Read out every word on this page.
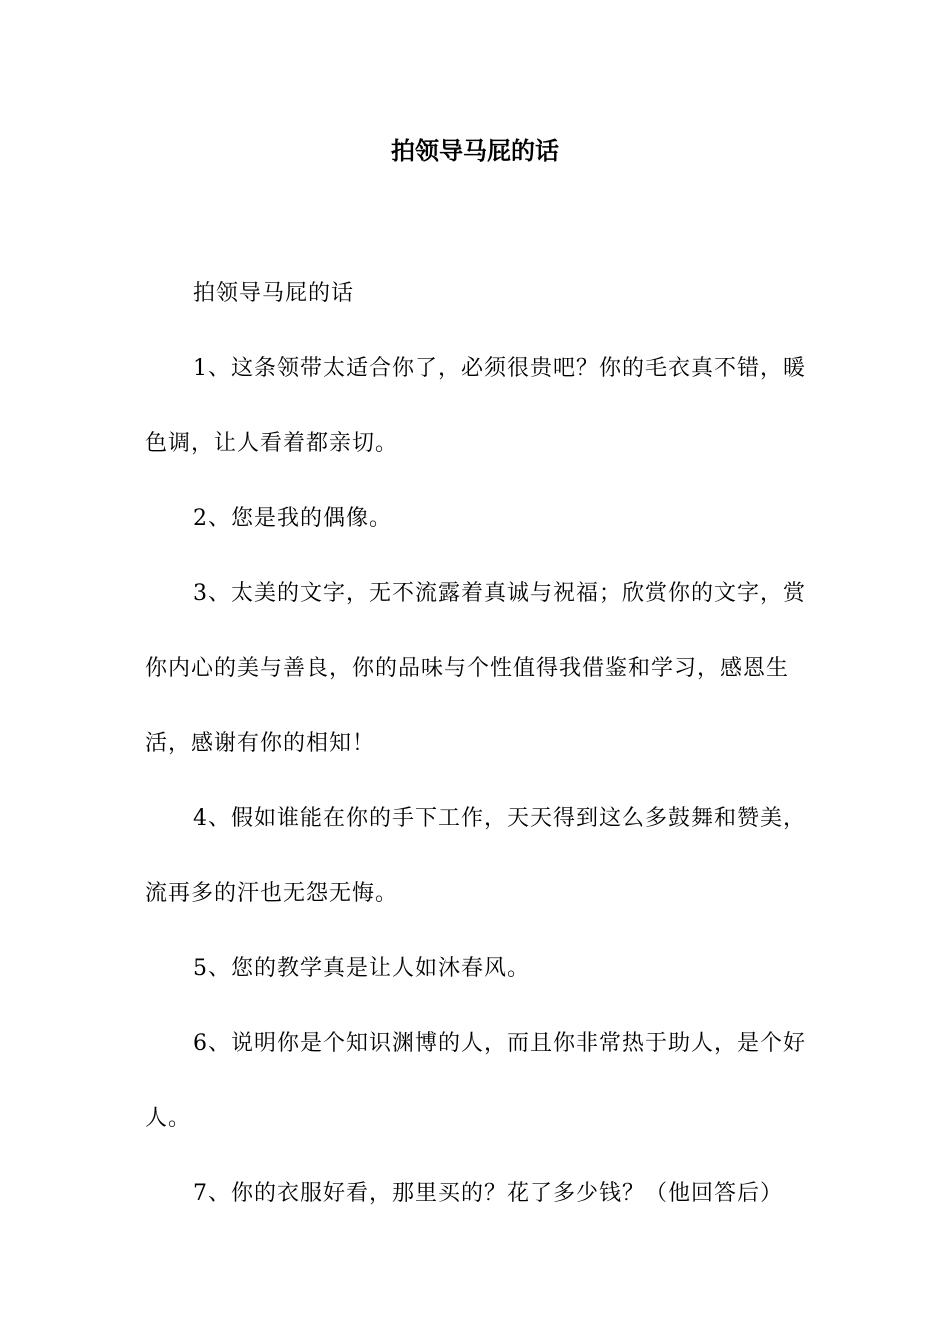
拍领导马屁的话

拍领导马屁的话

1、这条领带太适合你了，必须很贵吧？你的毛衣真不错，暖色调，让人看着都亲切。

2、您是我的偶像。

3、太美的文字，无不流露着真诚与祝福；欣赏你的文字，赏你内心的美与善良，你的品味与个性值得我借鉴和学习，感恩生活，感谢有你的相知！

4、假如谁能在你的手下工作，天天得到这么多鼓舞和赞美，流再多的汗也无怨无悔。

5、您的教学真是让人如沐春风。

6、说明你是个知识渊博的人，而且你非常热于助人，是个好人。

7、你的衣服好看，那里买的？花了多少钱？（他回答后）
